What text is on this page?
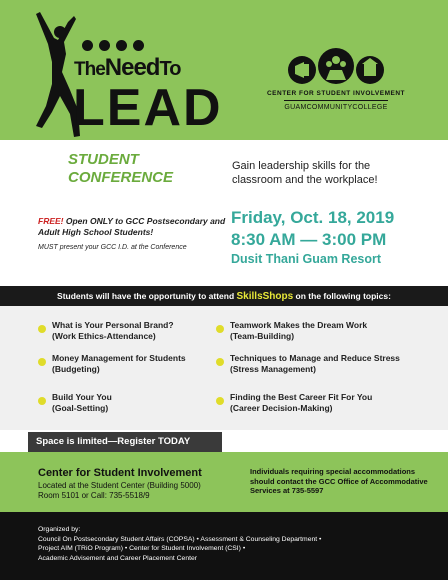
TheNeedTo
LEAD	CENTER FOR STUDENT INVOLVEMENT
GUAMCOMMUNITYCOLLEGE
STUDENT
CONFERENCE
Gain leadership skills for the classroom and the workplace!
FREE! Open ONLY to GCC Postsecondary and Adult High School Students!
MUST present your GCC I.D. at the Conference
Friday, Oct. 18, 2019
8:30 AM — 3:00 PM
Dusit Thani Guam Resort
Students will have the opportunity to attend SkillsShops on the following topics:
What is Your Personal Brand?
(Work Ethics-Attendance)
Teamwork Makes the Dream Work
(Team-Building)
Money Management for Students
(Budgeting)
Techniques to Manage and Reduce Stress
(Stress Management)
Build Your You
(Goal-Setting)
Finding the Best Career Fit For You
(Career Decision-Making)
Space is limited—Register TODAY
Center for Student Involvement
Located at the Student Center (Building 5000)
Room 5101 or Call: 735-5518/9
Individuals requiring special accommodations should contact the GCC Office of Accommodative Services at 735-5597
Organized by:
Council On Postsecondary Student Affairs (COPSA) • Assessment & Counseling Department •
Project AIM (TRiO Program) • Center for Student Involvement (CSI) •
Academic Advisement and Career Placement Center
